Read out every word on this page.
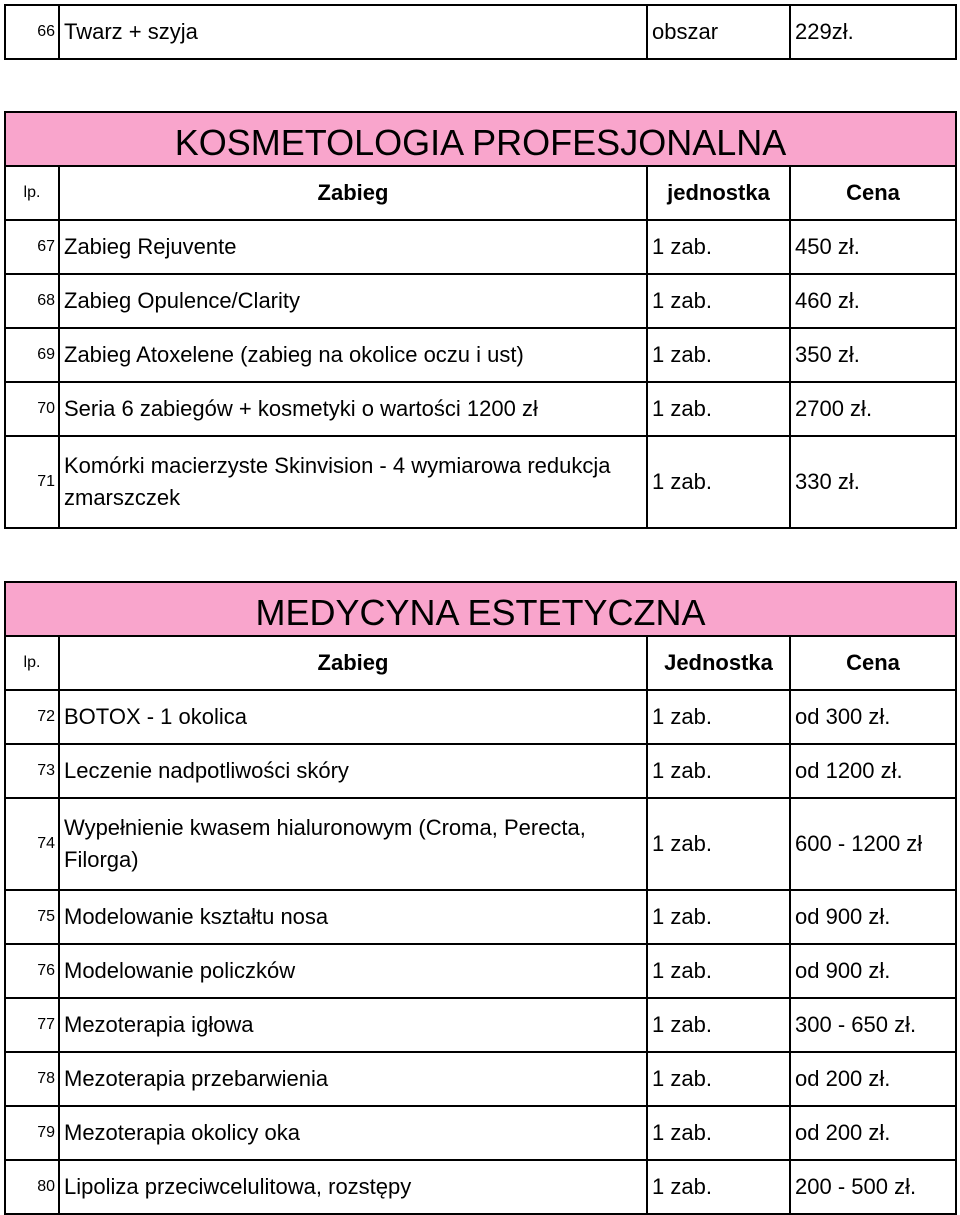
66	Twarz + szyja	obszar	229zł.
KOSMETOLOGIA PROFESJONALNA			
lp.	Zabieg	jednostka	Cena
67	Zabieg Rejuvente	1 zab.	450 zł.
68	Zabieg Opulence/Clarity	1 zab.	460 zł.
69	Zabieg Atoxelene (zabieg na okolice oczu i ust)	1 zab.	350 zł.
70	Seria 6 zabiegów + kosmetyki o wartości 1200 zł	1 zab.	2700 zł.
71	Komórki macierzyste Skinvision - 4 wymiarowa redukcja zmarszczek	1 zab.	330 zł.
MEDYCYNA ESTETYCZNA			
lp.	Zabieg	Jednostka	Cena
72	BOTOX - 1 okolica	1 zab.	od 300 zł.
73	Leczenie nadpotliwości skóry	1 zab.	od 1200 zł.
74	Wypełnienie kwasem hialuronowym (Croma, Perecta, Filorga)	1 zab.	600 - 1200 zł
75	Modelowanie kształtu nosa	1 zab.	od 900 zł.
76	Modelowanie policzków	1 zab.	od 900 zł.
77	Mezoterapia igłowa	1 zab.	300 - 650 zł.
78	Mezoterapia przebarwienia	1 zab.	od 200 zł.
79	Mezoterapia okolicy oka	1 zab.	od 200 zł.
80	Lipoliza przeciwcelulitowa, rozstępy	1 zab.	200 - 500 zł.
